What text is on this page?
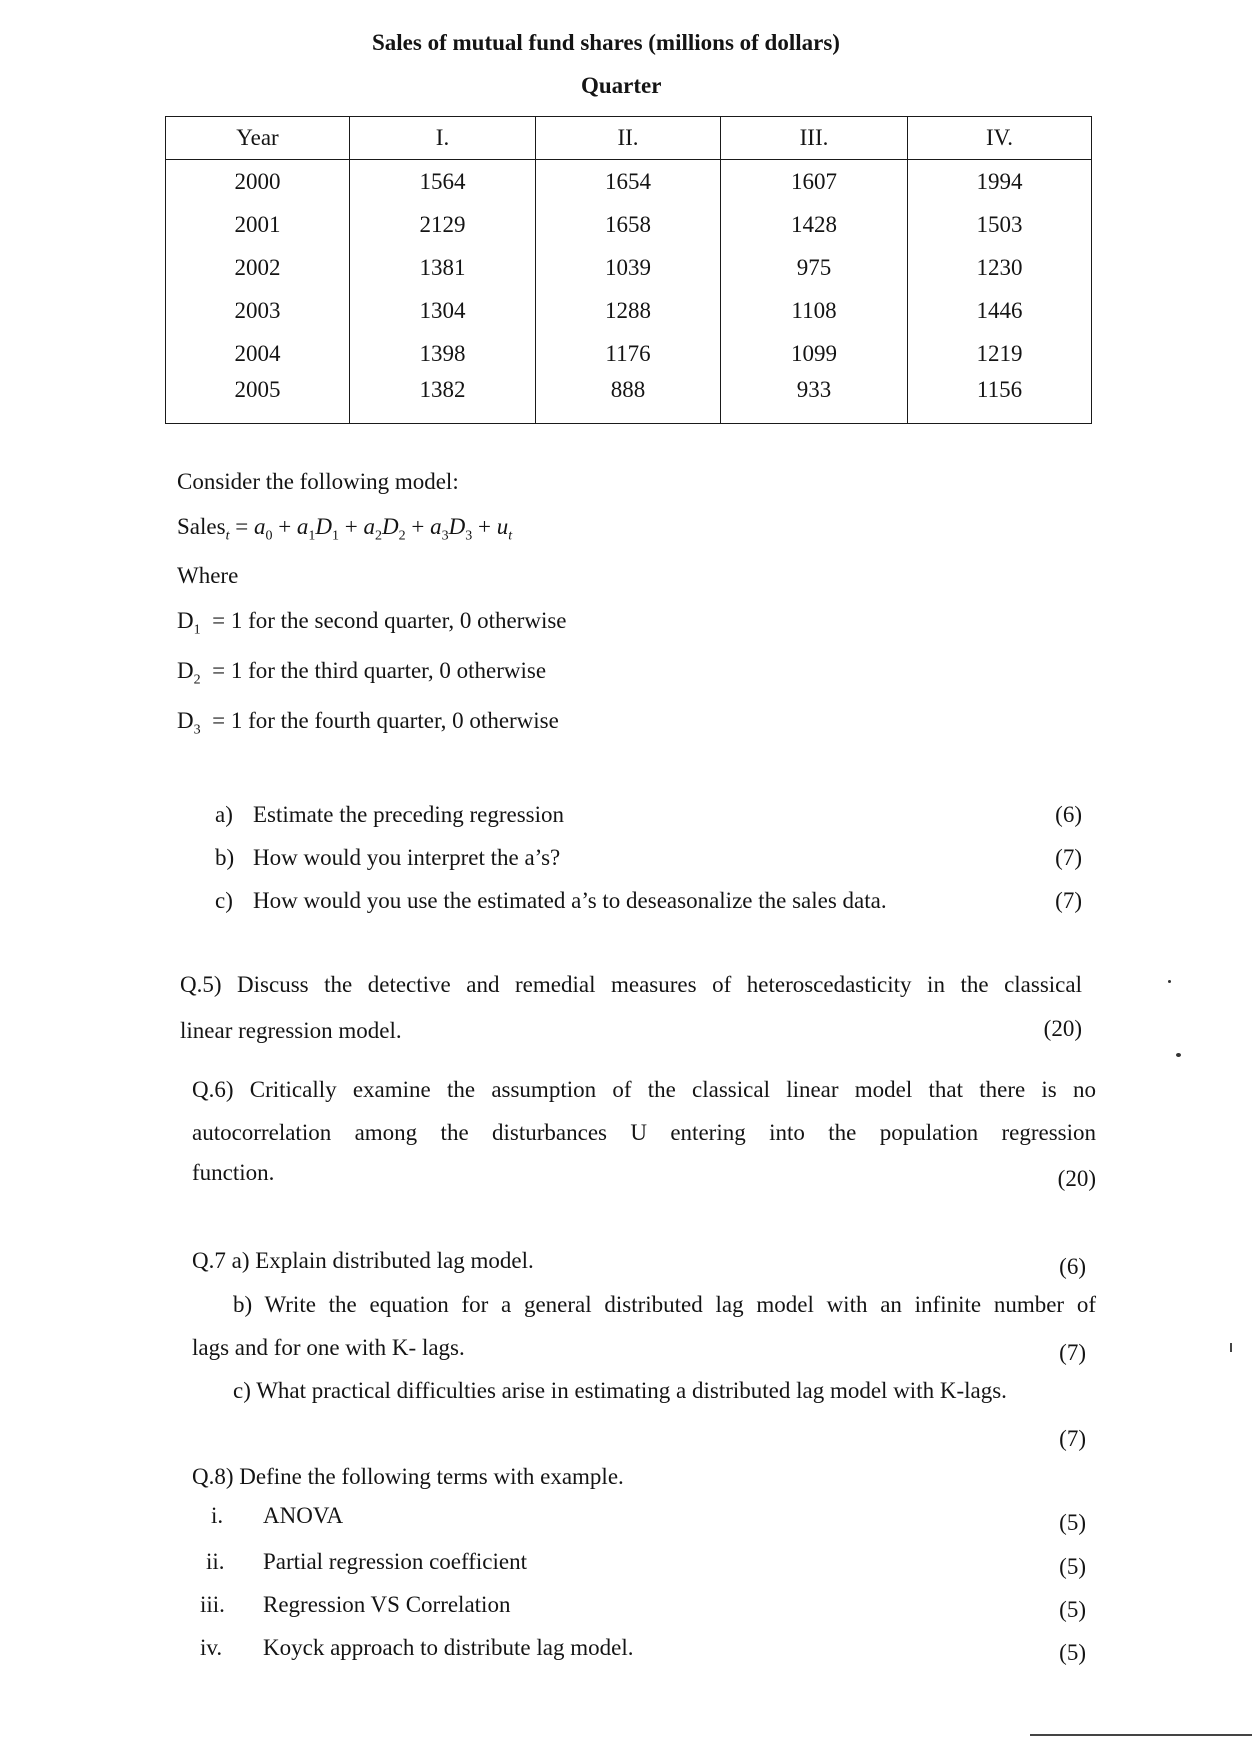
Sales of mutual fund shares (millions of dollars)
Quarter
Year	I.	II.	III.	IV.
2000	1564	1654	1607	1994
2001	2129	1658	1428	1503
2002	1381	1039	975	1230
2003	1304	1288	1108	1446
2004	1398	1176	1099	1219
2005	1382	888	933	1156
Consider the following model:
Sales$_t$ = $a_0 + a_1D_1 + a_2D_2 + a_3D_3 + u_t$
Where
$D_1 = 1$ for the second quarter, 0 otherwise
$D_2 = 1$ for the third quarter, 0 otherwise
$D_3 = 1$ for the fourth quarter, 0 otherwise
a) Estimate the preceding regression	(6)
b) How would you interpret the a’s?	(7)
c) How would you use the estimated a’s to deseasonalize the sales data.	(7)
Q.5) Discuss the detective and remedial measures of heteroscedasticity in the classical
linear regression model.	(20)
Q.6) Critically examine the assumption of the classical linear model that there is no
autocorrelation among the disturbances U entering into the population regression
function.	(20)
Q.7 a) Explain distributed lag model.	(6)
b) Write the equation for a general distributed lag model with an infinite number of
lags and for one with K- lags.	(7)
c) What practical difficulties arise in estimating a distributed lag model with K-lags.
(7)
Q.8) Define the following terms with example.
i. ANOVA	(5)
ii. Partial regression coefficient	(5)
iii. Regression VS Correlation	(5)
iv. Koyck approach to distribute lag model.	(5)
